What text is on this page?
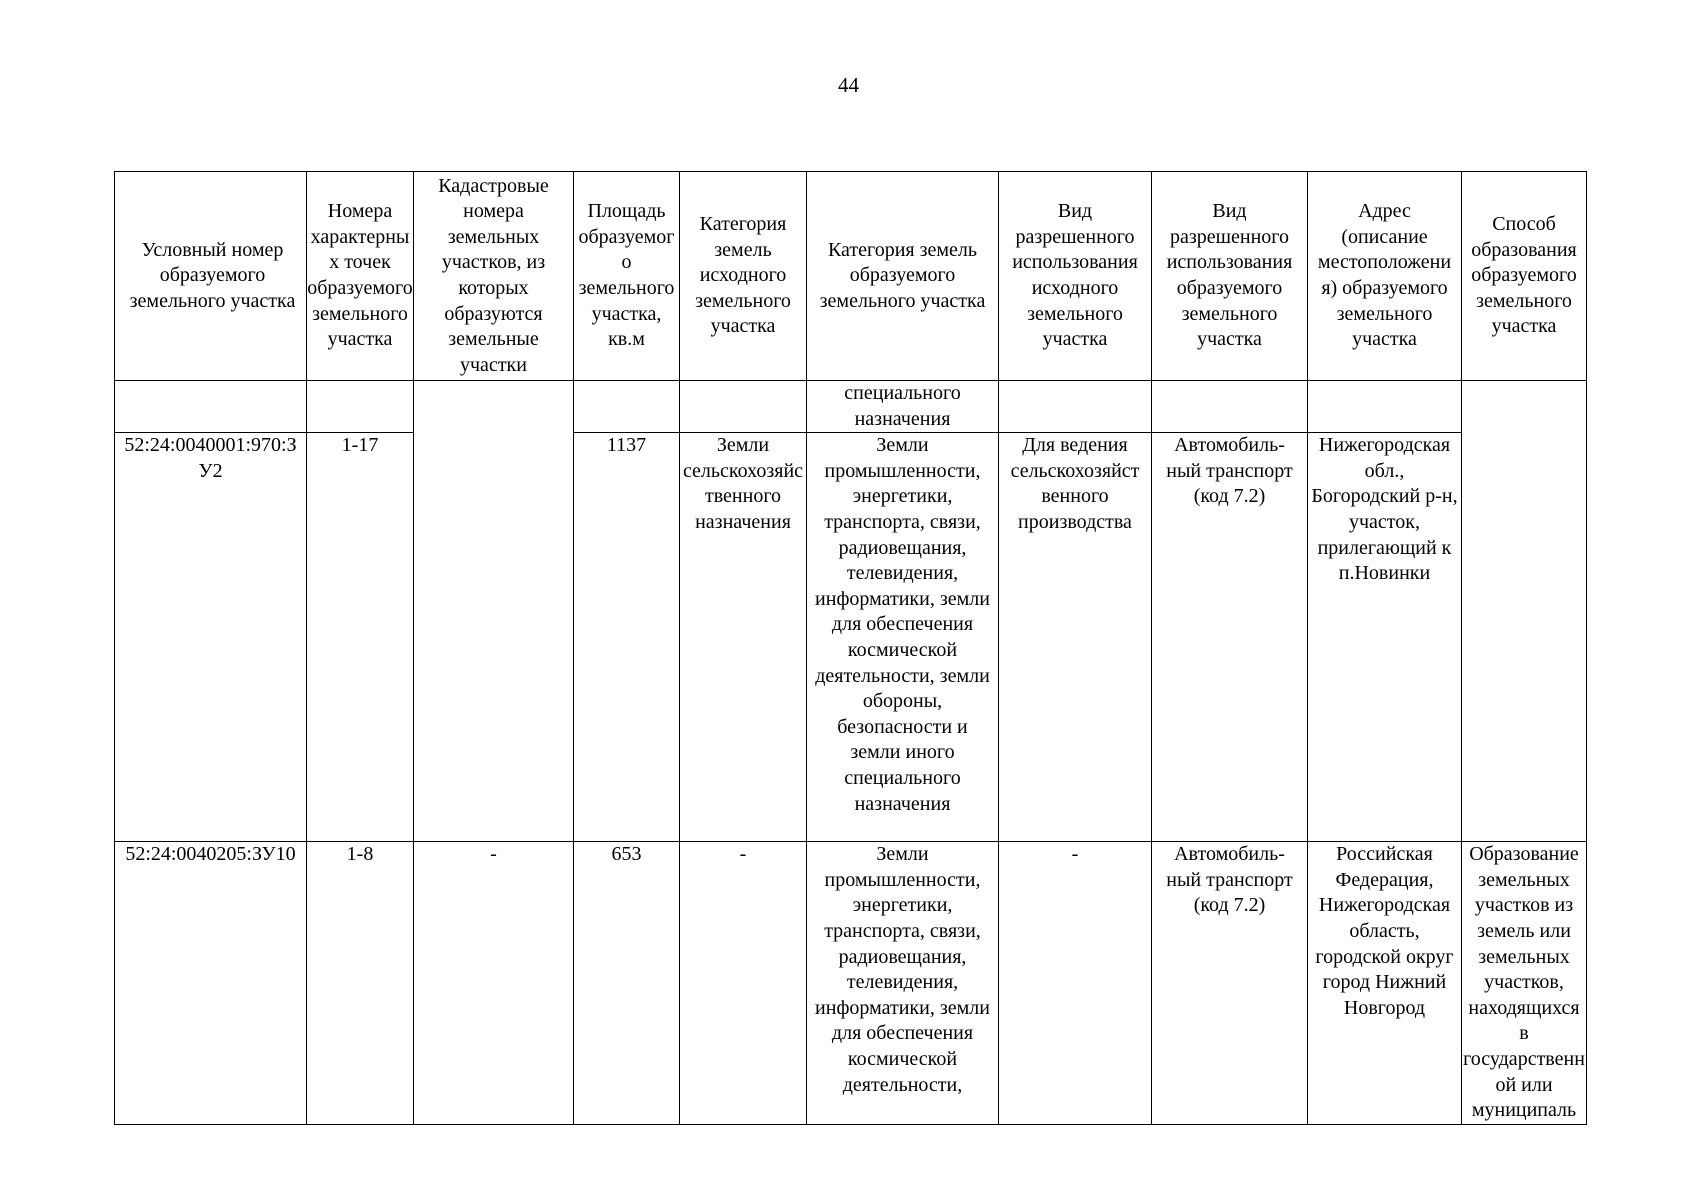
44
Условный номер образуемого земельного участка	Номера характерных точек образуемого земельного участка	Кадастровые номера земельных участков, из которых образуются земельные участки	Площадь образуемого земельного участка, кв.м	Категория земель исходного земельного участка	Категория земель образуемого земельного участка	Вид разрешенного использования исходного земельного участка	Вид разрешенного использования образуемого земельного участка	Адрес (описание местоположения) образуемого земельного участка	Способ образования образуемого земельного участка

					специального назначения				

52:24:0040001:970:ЗУ2	1-17		1137	Земли сельскохозяйственного назначения	Земли промышленности, энергетики, транспорта, связи, радиовещания, телевидения, информатики, земли для обеспечения космической деятельности, земли обороны, безопасности и земли иного специального назначения	Для ведения сельскохозяйственного производства	Автомобиль-ный транспорт (код 7.2)	Нижегородская обл., Богородский р-н, участок, прилегающий к п.Новинки	

52:24:0040205:ЗУ10	1-8	-	653	-	Земли промышленности, энергетики, транспорта, связи, радиовещания, телевидения, информатики, земли для обеспечения космической деятельности,	-	Автомобиль-ный транспорт (код 7.2)	Российская Федерация, Нижегородская область, городской округ город Нижний Новгород	Образование земельных участков из земель или земельных участков, находящихся в государственной или муниципаль
